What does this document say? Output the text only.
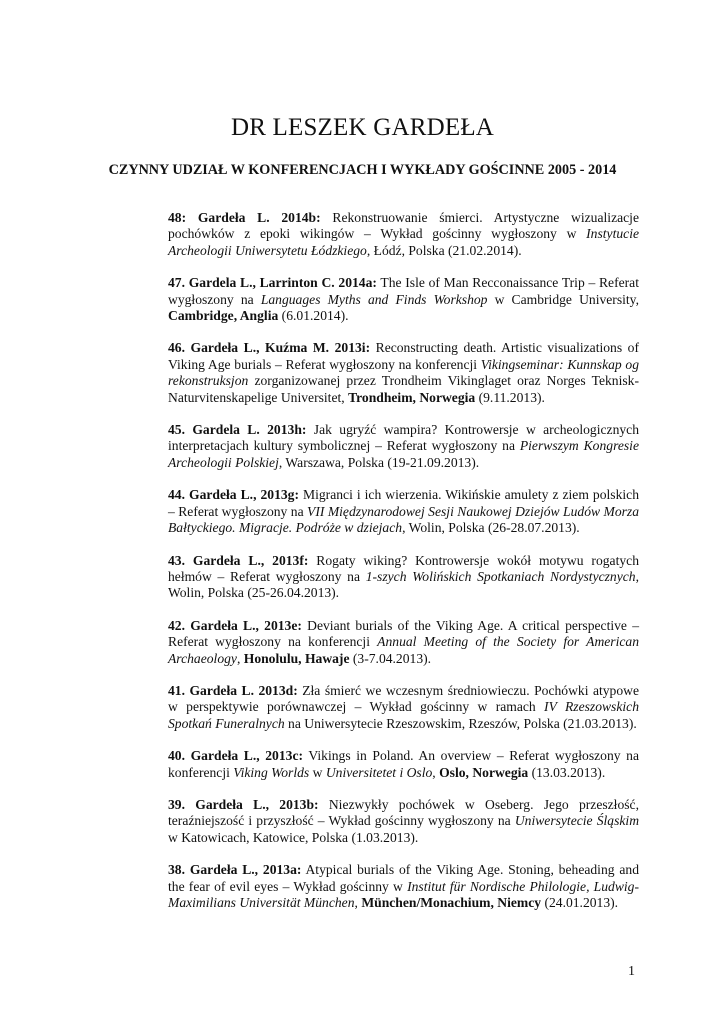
DR LESZEK GARDEŁA
CZYNNY UDZIAŁ W KONFERENCJACH I WYKŁADY GOŚCINNE 2005 - 2014

48: Gardeła L. 2014b: Rekonstruowanie śmierci. Artystyczne wizualizacje pochówków z epoki wikingów – Wykład gościnny wygłoszony w Instytucie Archeologii Uniwersytetu Łódzkiego, Łódź, Polska (21.02.2014).

47. Gardela L., Larrinton C. 2014a: The Isle of Man Recconaissance Trip – Referat wygłoszony na Languages Myths and Finds Workshop w Cambridge University, Cambridge, Anglia (6.01.2014).

46. Gardeła L., Kuźma M. 2013i: Reconstructing death. Artistic visualizations of Viking Age burials – Referat wygłoszony na konferencji Vikingseminar: Kunnskap og rekonstruksjon zorganizowanej przez Trondheim Vikinglaget oraz Norges Teknisk-Naturvitenskapelige Universitet, Trondheim, Norwegia (9.11.2013).

45. Gardela L. 2013h: Jak ugryźć wampira? Kontrowersje w archeologicznych interpretacjach kultury symbolicznej – Referat wygłoszony na Pierwszym Kongresie Archeologii Polskiej, Warszawa, Polska (19-21.09.2013).

44. Gardeła L., 2013g: Migranci i ich wierzenia. Wikińskie amulety z ziem polskich – Referat wygłoszony na VII Międzynarodowej Sesji Naukowej Dziejów Ludów Morza Bałtyckiego. Migracje. Podróże w dziejach, Wolin, Polska (26-28.07.2013).

43. Gardeła L., 2013f: Rogaty wiking? Kontrowersje wokół motywu rogatych hełmów – Referat wygłoszony na 1-szych Wolińskich Spotkaniach Nordystycznych, Wolin, Polska (25-26.04.2013).

42. Gardeła L., 2013e: Deviant burials of the Viking Age. A critical perspective – Referat wygłoszony na konferencji Annual Meeting of the Society for American Archaeology, Honolulu, Hawaje (3-7.04.2013).

41. Gardeła L. 2013d: Zła śmierć we wczesnym średniowieczu. Pochówki atypowe w perspektywie porównawczej – Wykład gościnny w ramach IV Rzeszowskich Spotkań Funeralnych na Uniwersytecie Rzeszowskim, Rzeszów, Polska (21.03.2013).

40. Gardeła L., 2013c: Vikings in Poland. An overview – Referat wygłoszony na konferencji Viking Worlds w Universitetet i Oslo, Oslo, Norwegia (13.03.2013).

39. Gardeła L., 2013b: Niezwykły pochówek w Oseberg. Jego przeszłość, teraźniejszość i przyszłość – Wykład gościnny wygłoszony na Uniwersytecie Śląskim w Katowicach, Katowice, Polska (1.03.2013).

38. Gardeła L., 2013a: Atypical burials of the Viking Age. Stoning, beheading and the fear of evil eyes – Wykład gościnny w Institut für Nordische Philologie, Ludwig-Maximilians Universität München, München/Monachium, Niemcy (24.01.2013).

1
